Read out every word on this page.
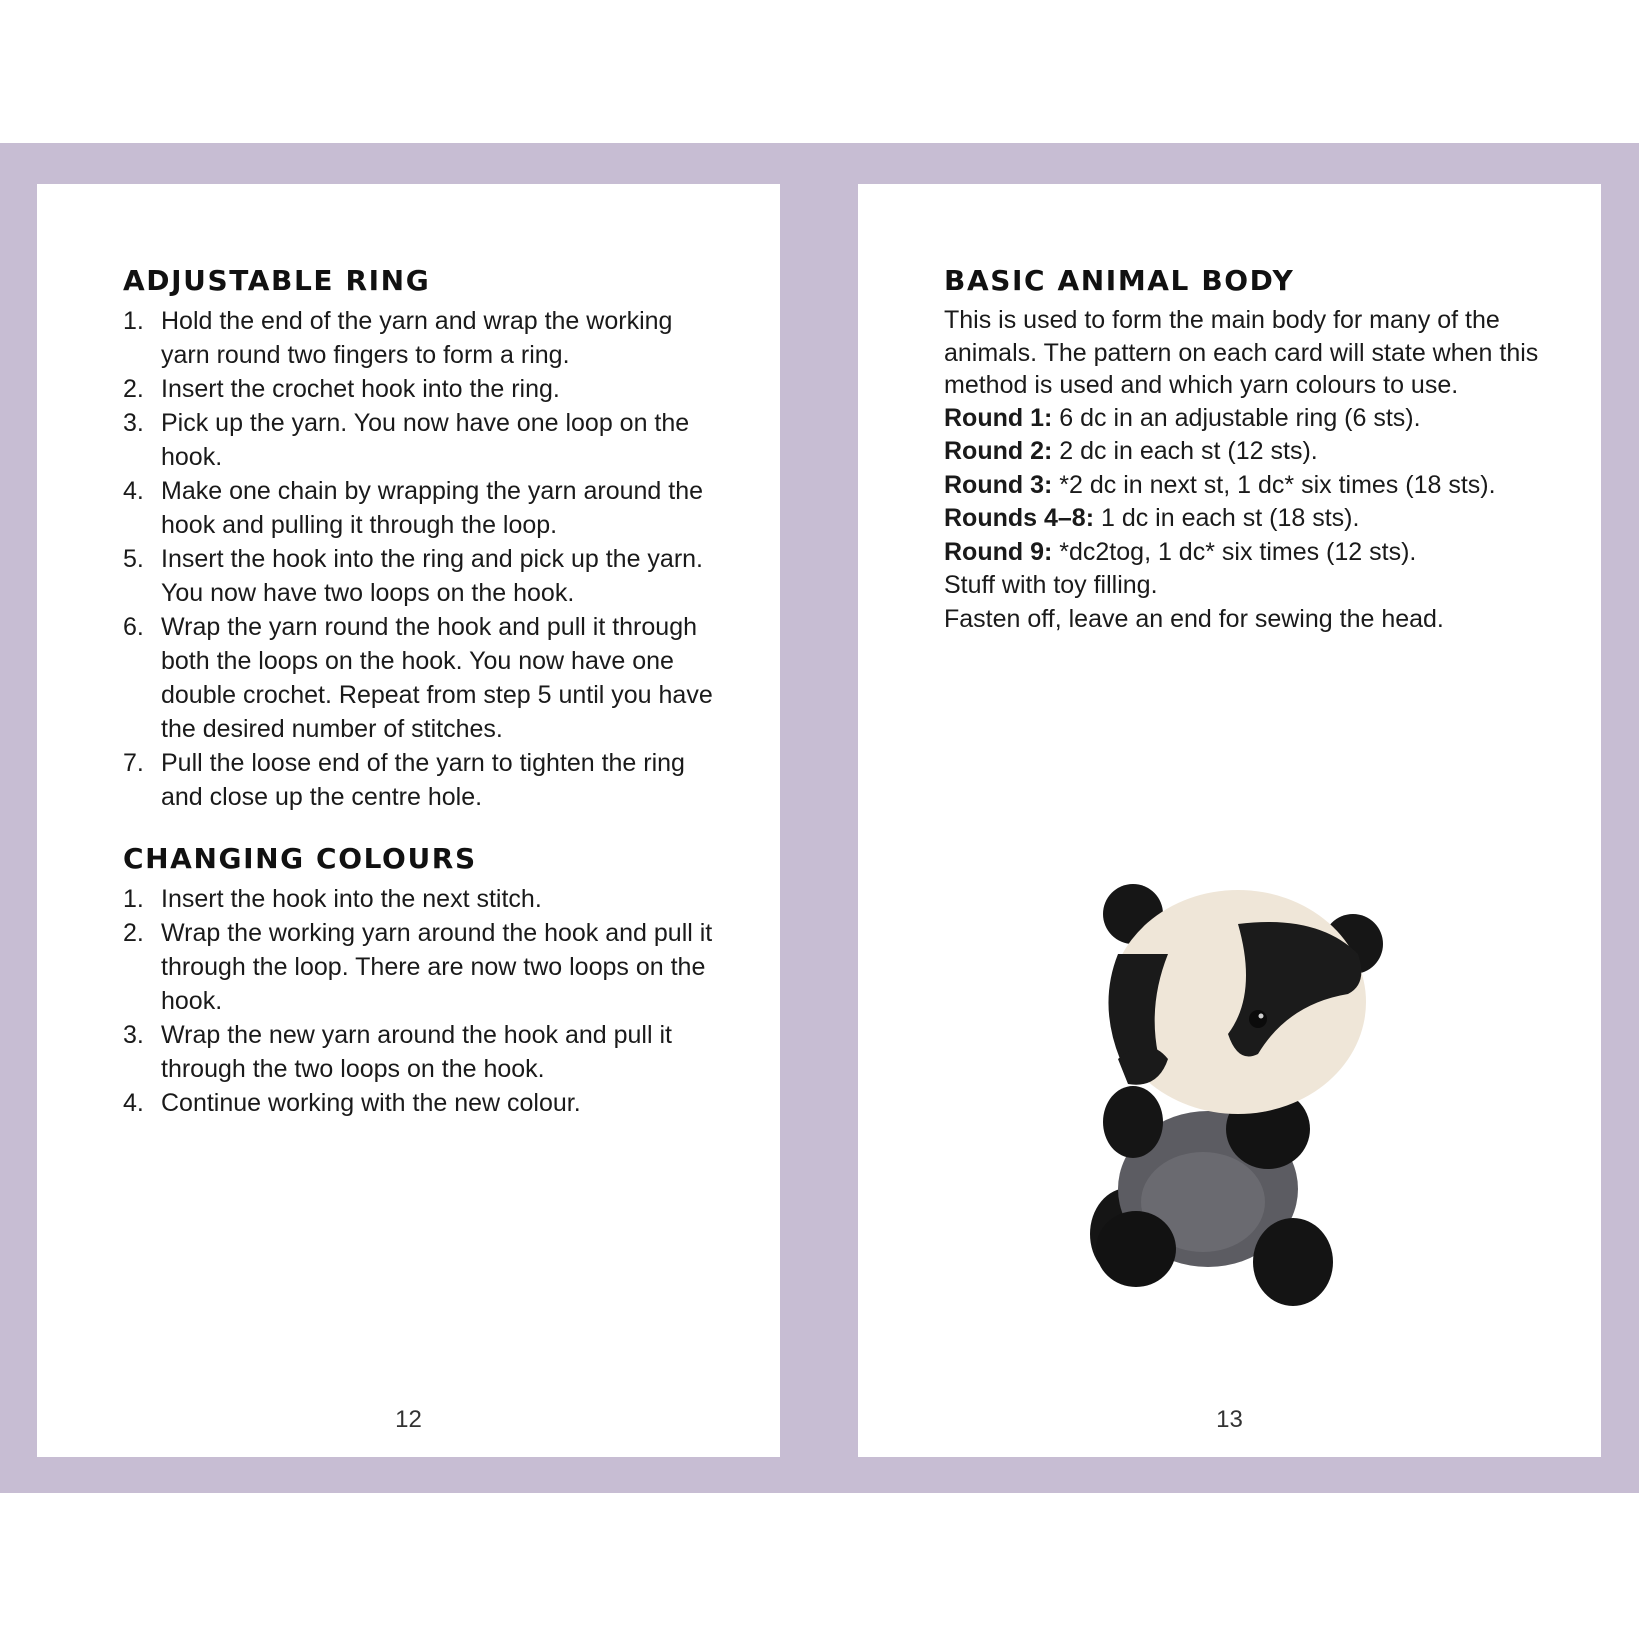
ADJUSTABLE RING
1. Hold the end of the yarn and wrap the working yarn round two fingers to form a ring.
2. Insert the crochet hook into the ring.
3. Pick up the yarn. You now have one loop on the hook.
4. Make one chain by wrapping the yarn around the hook and pulling it through the loop.
5. Insert the hook into the ring and pick up the yarn. You now have two loops on the hook.
6. Wrap the yarn round the hook and pull it through both the loops on the hook. You now have one double crochet. Repeat from step 5 until you have the desired number of stitches.
7. Pull the loose end of the yarn to tighten the ring and close up the centre hole.
CHANGING COLOURS
1. Insert the hook into the next stitch.
2. Wrap the working yarn around the hook and pull it through the loop. There are now two loops on the hook.
3. Wrap the new yarn around the hook and pull it through the two loops on the hook.
4. Continue working with the new colour.
12
BASIC ANIMAL BODY

This is used to form the main body for many of the animals. The pattern on each card will state when this method is used and which yarn colours to use.

Round 1: 6 dc in an adjustable ring (6 sts).

Round 2: 2 dc in each st (12 sts).

Round 3: *2 dc in next st, 1 dc* six times (18 sts).

Rounds 4–8: 1 dc in each st (18 sts).

Round 9: *dc2tog, 1 dc* six times (12 sts).

Stuff with toy filling.

Fasten off, leave an end for sewing the head.

13
